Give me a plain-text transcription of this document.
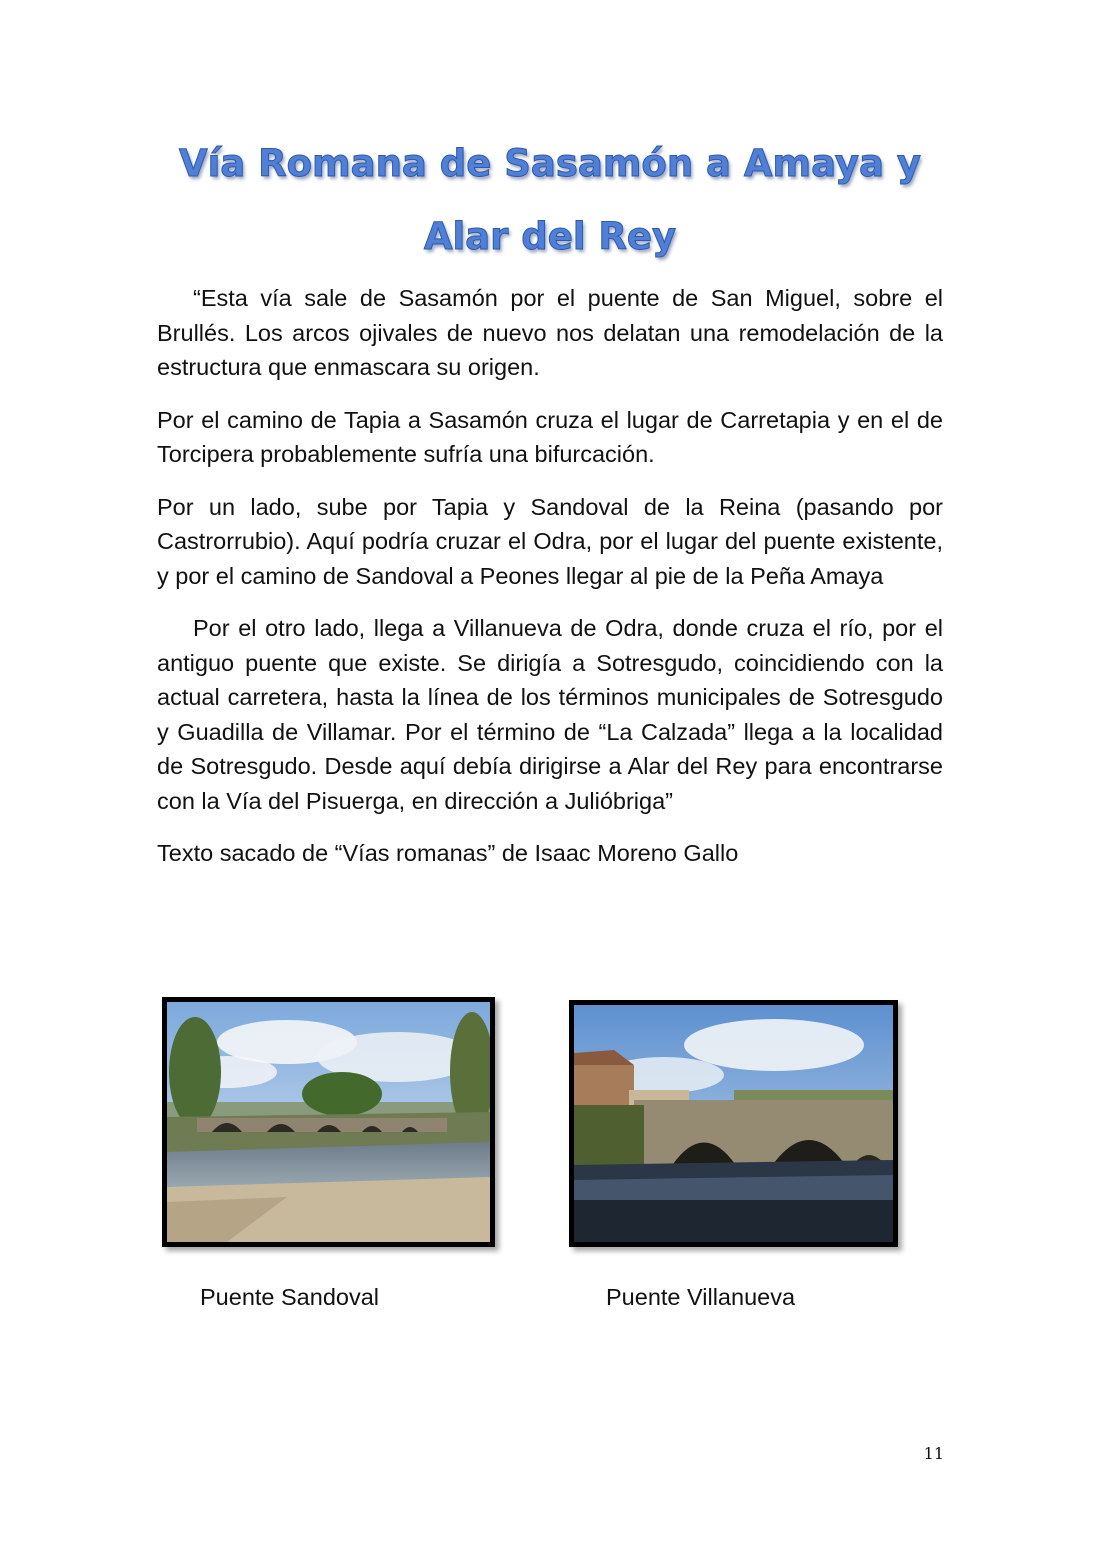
Vía Romana de Sasamón a Amaya y
Alar del Rey

“Esta vía sale de Sasamón por el puente de San Miguel, sobre el Brullés. Los arcos ojivales de nuevo nos delatan una remodelación de la estructura que enmascara su origen.

Por el camino de Tapia a Sasamón cruza el lugar de Carretapia y en el de Torcipera probablemente sufría una bifurcación.

Por un lado, sube por Tapia y Sandoval de la Reina (pasando por Castrorrubio). Aquí podría cruzar el Odra, por el lugar del puente existente, y por el camino de Sandoval a Peones llegar al pie de la Peña Amaya

Por el otro lado, llega a Villanueva de Odra, donde cruza el río, por el antiguo puente que existe. Se dirigía a Sotresgudo, coincidiendo con la actual carretera, hasta la línea de los términos municipales de Sotresgudo y Guadilla de Villamar. Por el término de “La Calzada” llega a la localidad de Sotresgudo. Desde aquí debía dirigirse a Alar del Rey para encontrarse con la Vía del Pisuerga, en dirección a Julióbriga”

Texto sacado de “Vías romanas” de Isaac Moreno Gallo

Puente Sandoval	Puente Villanueva
11
